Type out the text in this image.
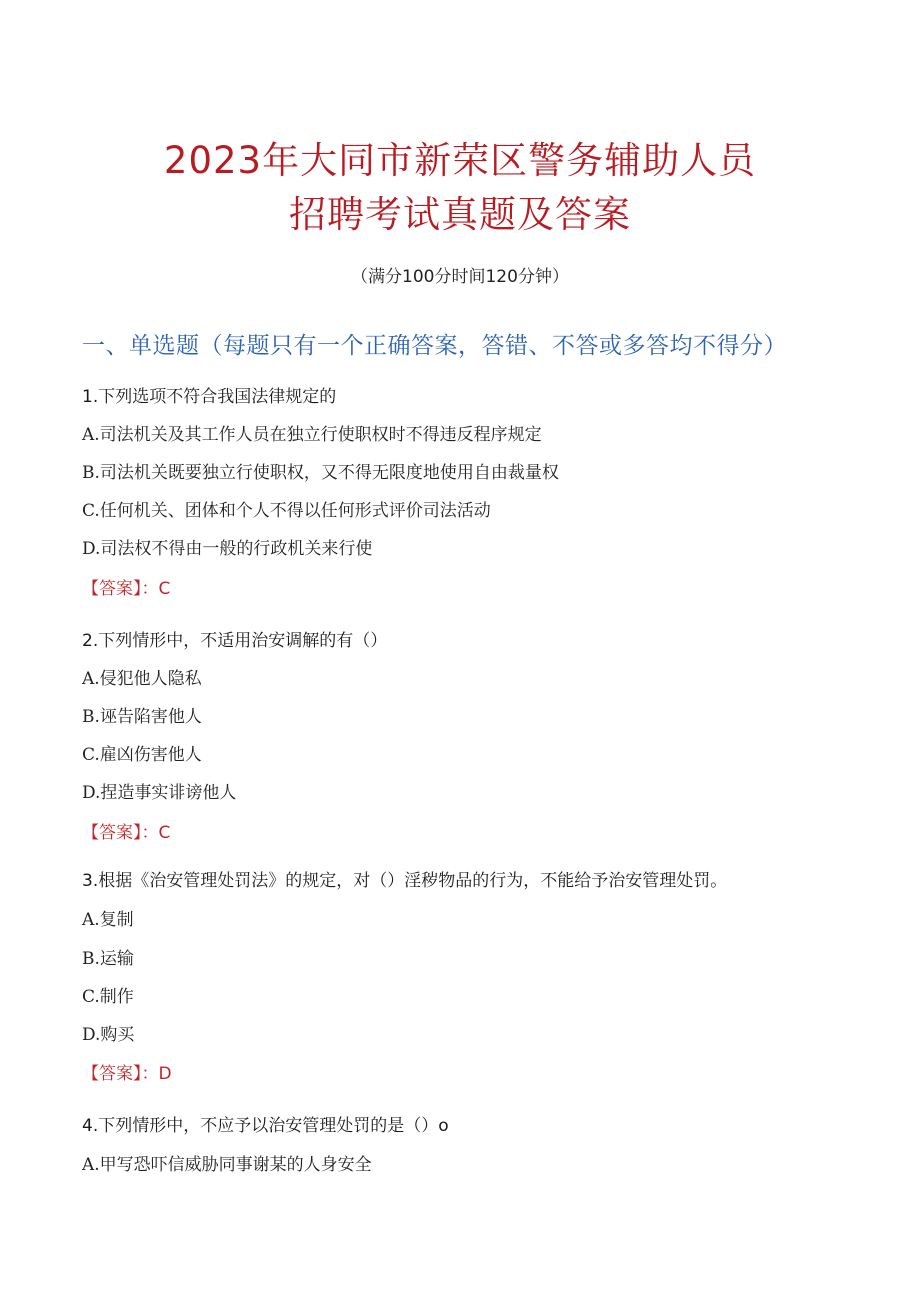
2023年大同市新荣区警务辅助人员
招聘考试真题及答案
（满分100分时间120分钟）
一、单选题（每题只有一个正确答案，答错、不答或多答均不得分）
1.下列选项不符合我国法律规定的
A.司法机关及其工作人员在独立行使职权时不得违反程序规定
B.司法机关既要独立行使职权，又不得无限度地使用自由裁量权
C.任何机关、团体和个人不得以任何形式评价司法活动
D.司法权不得由一般的行政机关来行使
【答案】：C
2.下列情形中，不适用治安调解的有（）
A.侵犯他人隐私
B.诬告陷害他人
C.雇凶伤害他人
D.捏造事实诽谤他人
【答案】：C
3.根据《治安管理处罚法》的规定，对（）淫秽物品的行为，不能给予治安管理处罚。
A.复制
B.运输
C.制作
D.购买
【答案】：D
4.下列情形中，不应予以治安管理处罚的是（）o
A.甲写恐吓信威胁同事谢某的人身安全
